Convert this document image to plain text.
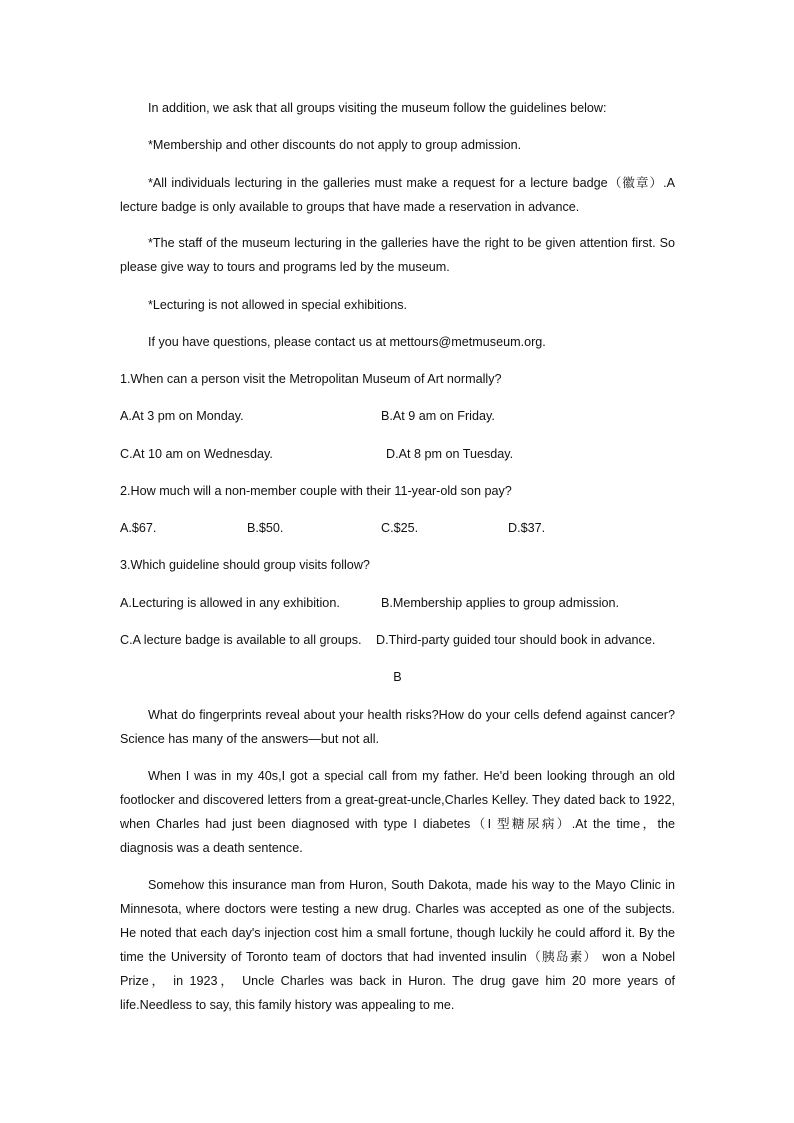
In addition, we ask that all groups visiting the museum follow the guidelines below:

*Membership and other discounts do not apply to group admission.

*All individuals lecturing in the galleries must make a request for a lecture badge（徽章）.A lecture badge is only available to groups that have made a reservation in advance.

*The staff of the museum lecturing in the galleries have the right to be given attention first. So please give way to tours and programs led by the museum.

*Lecturing is not allowed in special exhibitions.

If you have questions, please contact us at mettours@metmuseum.org.

1.When can a person visit the Metropolitan Museum of Art normally?

A.At 3 pm on Monday.	B.At 9 am on Friday.

C.At 10 am on Wednesday.	D.At 8 pm on Tuesday.

2.How much will a non-member couple with their 11-year-old son pay?

A.$67.	B.$50.	C.$25.	D.$37.

3.Which guideline should group visits follow?

A.Lecturing is allowed in any exhibition.	B.Membership applies to group admission.

C.A lecture badge is available to all groups. D.Third-party guided tour should book in advance.

B

What do fingerprints reveal about your health risks?How do your cells defend against cancer? Science has many of the answers—but not all.

When I was in my 40s,I got a special call from my father. He'd been looking through an old footlocker and discovered letters from a great-great-uncle,Charles Kelley. They dated back to 1922, when Charles had just been diagnosed with type I diabetes（I 型糖尿病）.At the time，the diagnosis was a death sentence.

Somehow this insurance man from Huron, South Dakota, made his way to the Mayo Clinic in Minnesota, where doctors were testing a new drug. Charles was accepted as one of the subjects. He noted that each day's injection cost him a small fortune, though luckily he could afford it. By the time the University of Toronto team of doctors that had invented insulin（胰岛素） won a Nobel Prize， in 1923， Uncle Charles was back in Huron. The drug gave him 20 more years of life.Needless to say, this family history was appealing to me.
